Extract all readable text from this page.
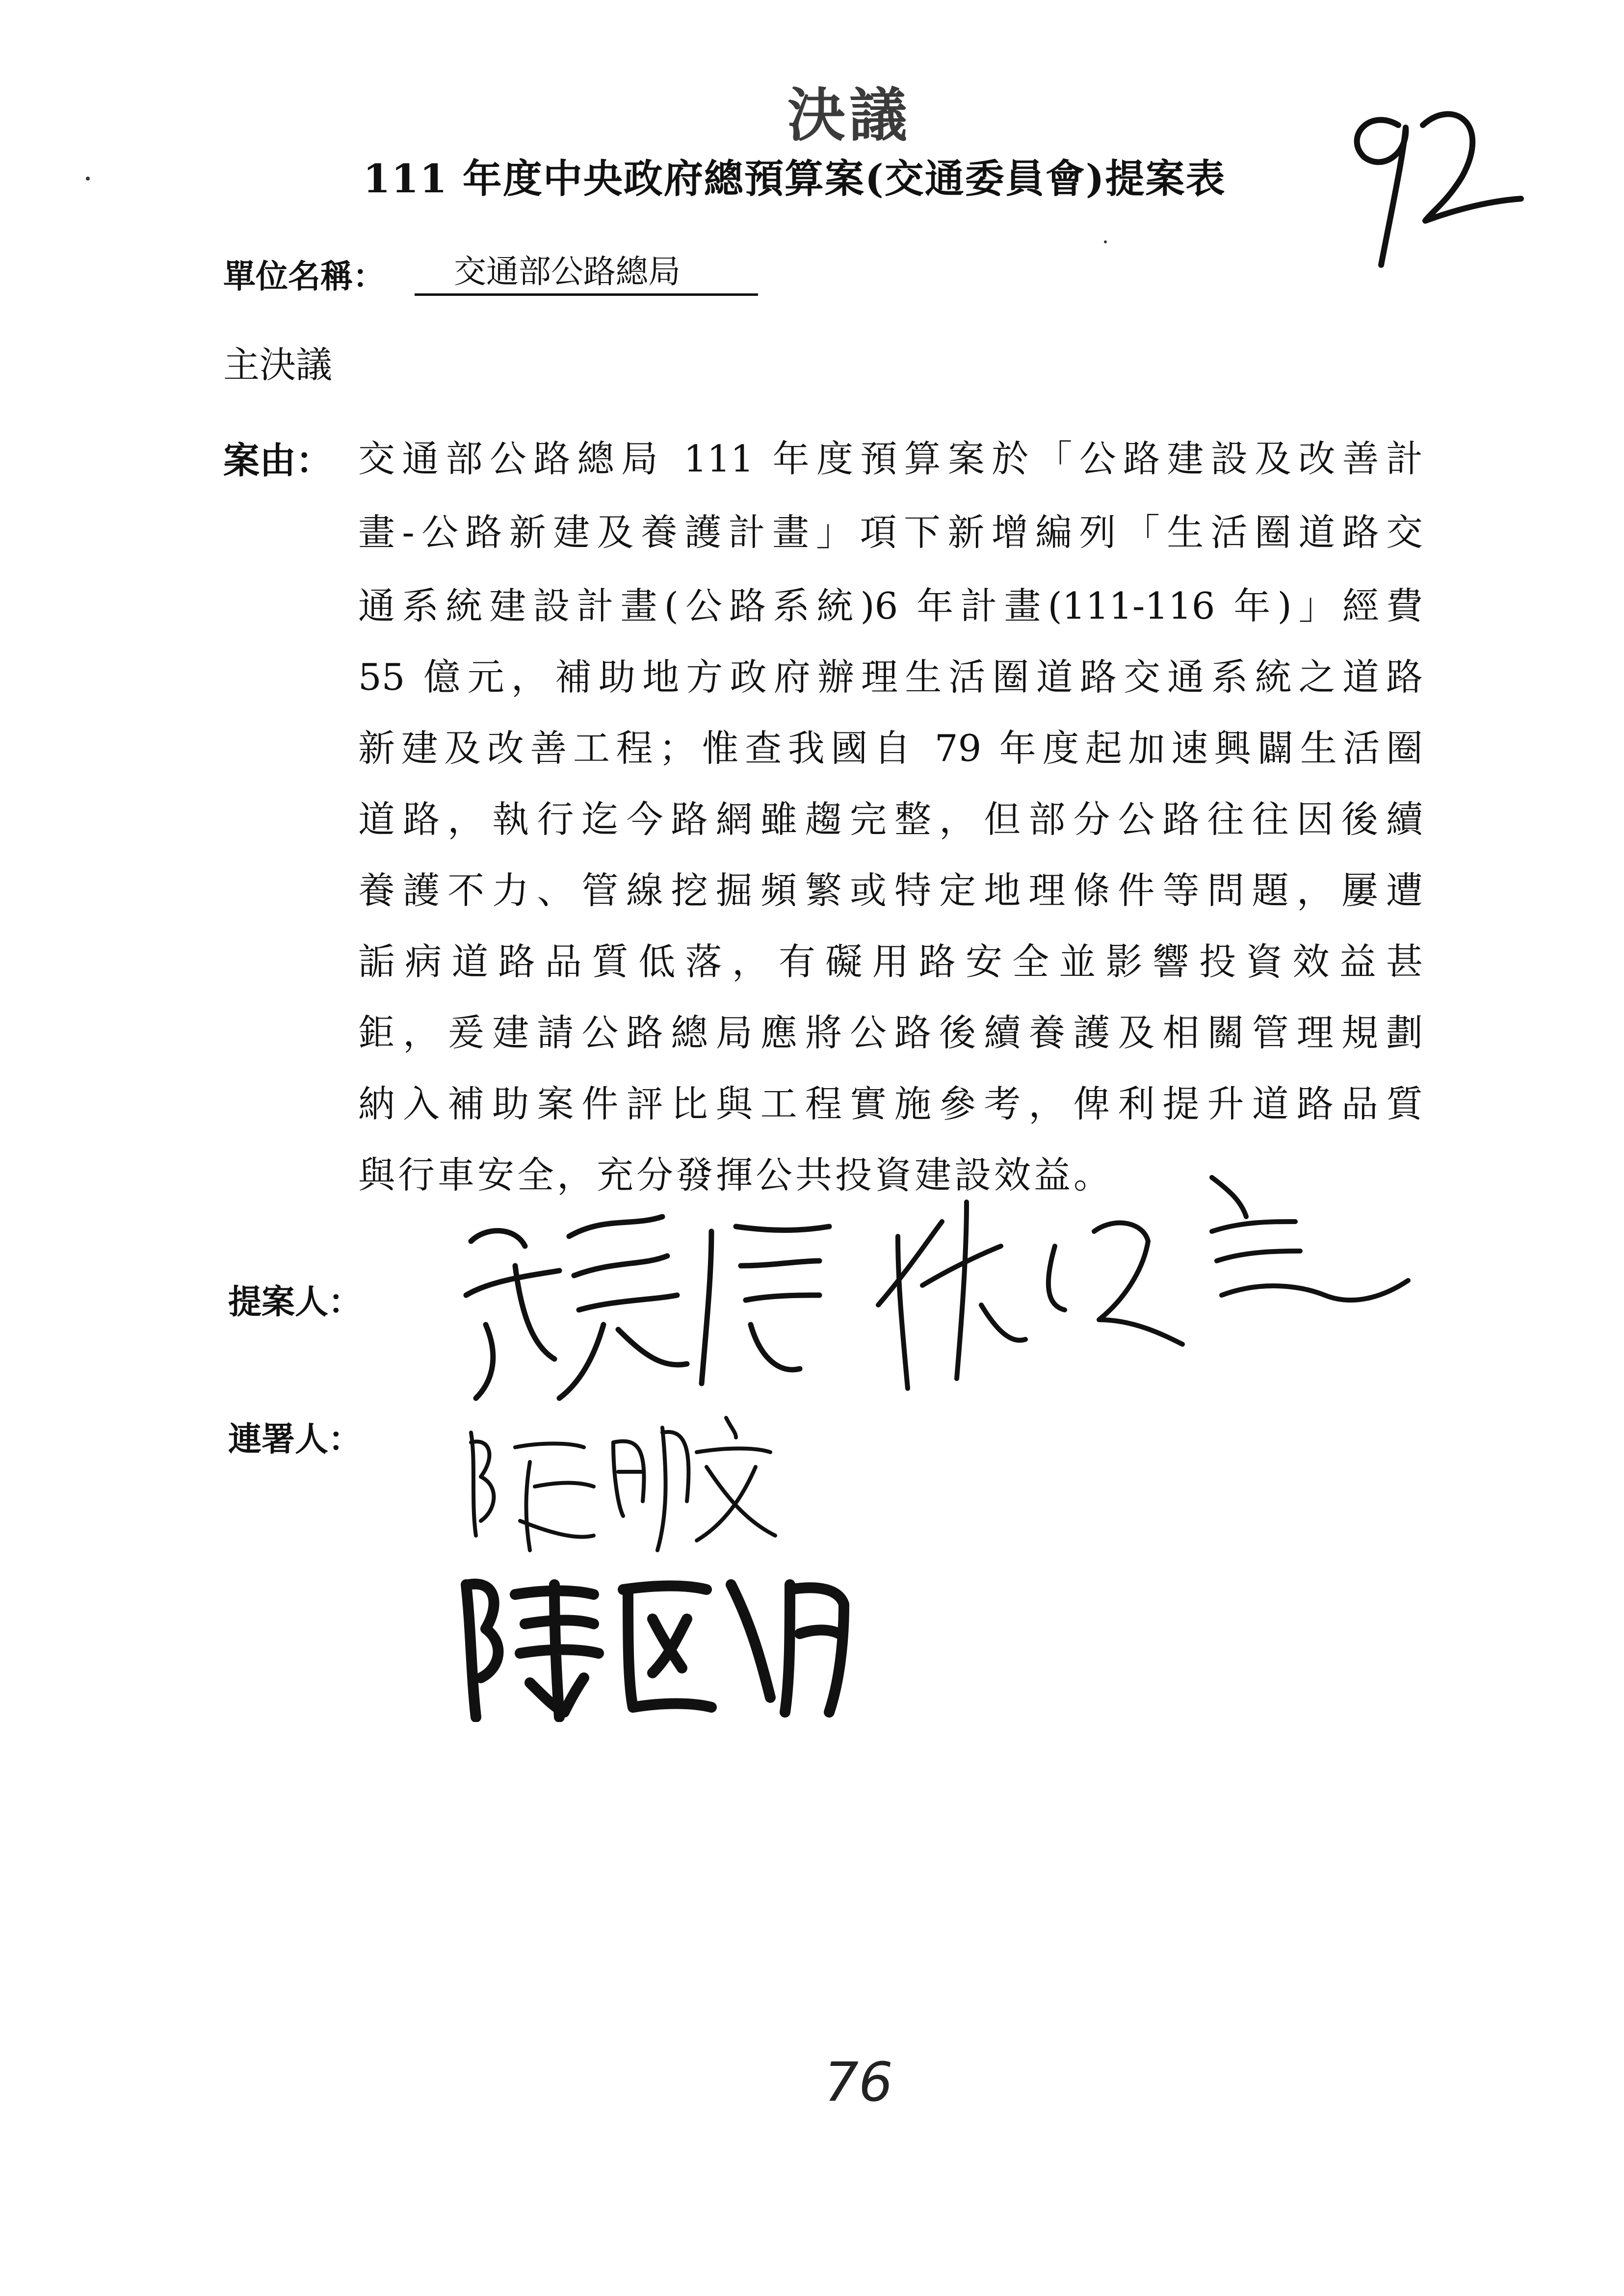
決議
111 年度中央政府總預算案(交通委員會)提案表
單位名稱：	交通部公路總局
主決議
案由： 交通部公路總局 111 年度預算案於「公路建設及改善計
畫-公路新建及養護計畫」項下新增編列「生活圈道路交
通系統建設計畫(公路系統)6 年計畫(111-116 年)」經費
55 億元，補助地方政府辦理生活圈道路交通系統之道路
新建及改善工程；惟查我國自 79 年度起加速興闢生活圈
道路，執行迄今路網雖趨完整，但部分公路往往因後續
養護不力、管線挖掘頻繁或特定地理條件等問題，屢遭
詬病道路品質低落，有礙用路安全並影響投資效益甚
鉅，爰建請公路總局應將公路後續養護及相關管理規劃
納入補助案件評比與工程實施參考，俾利提升道路品質
與行車安全，充分發揮公共投資建設效益。
提案人：
連署人：
76
